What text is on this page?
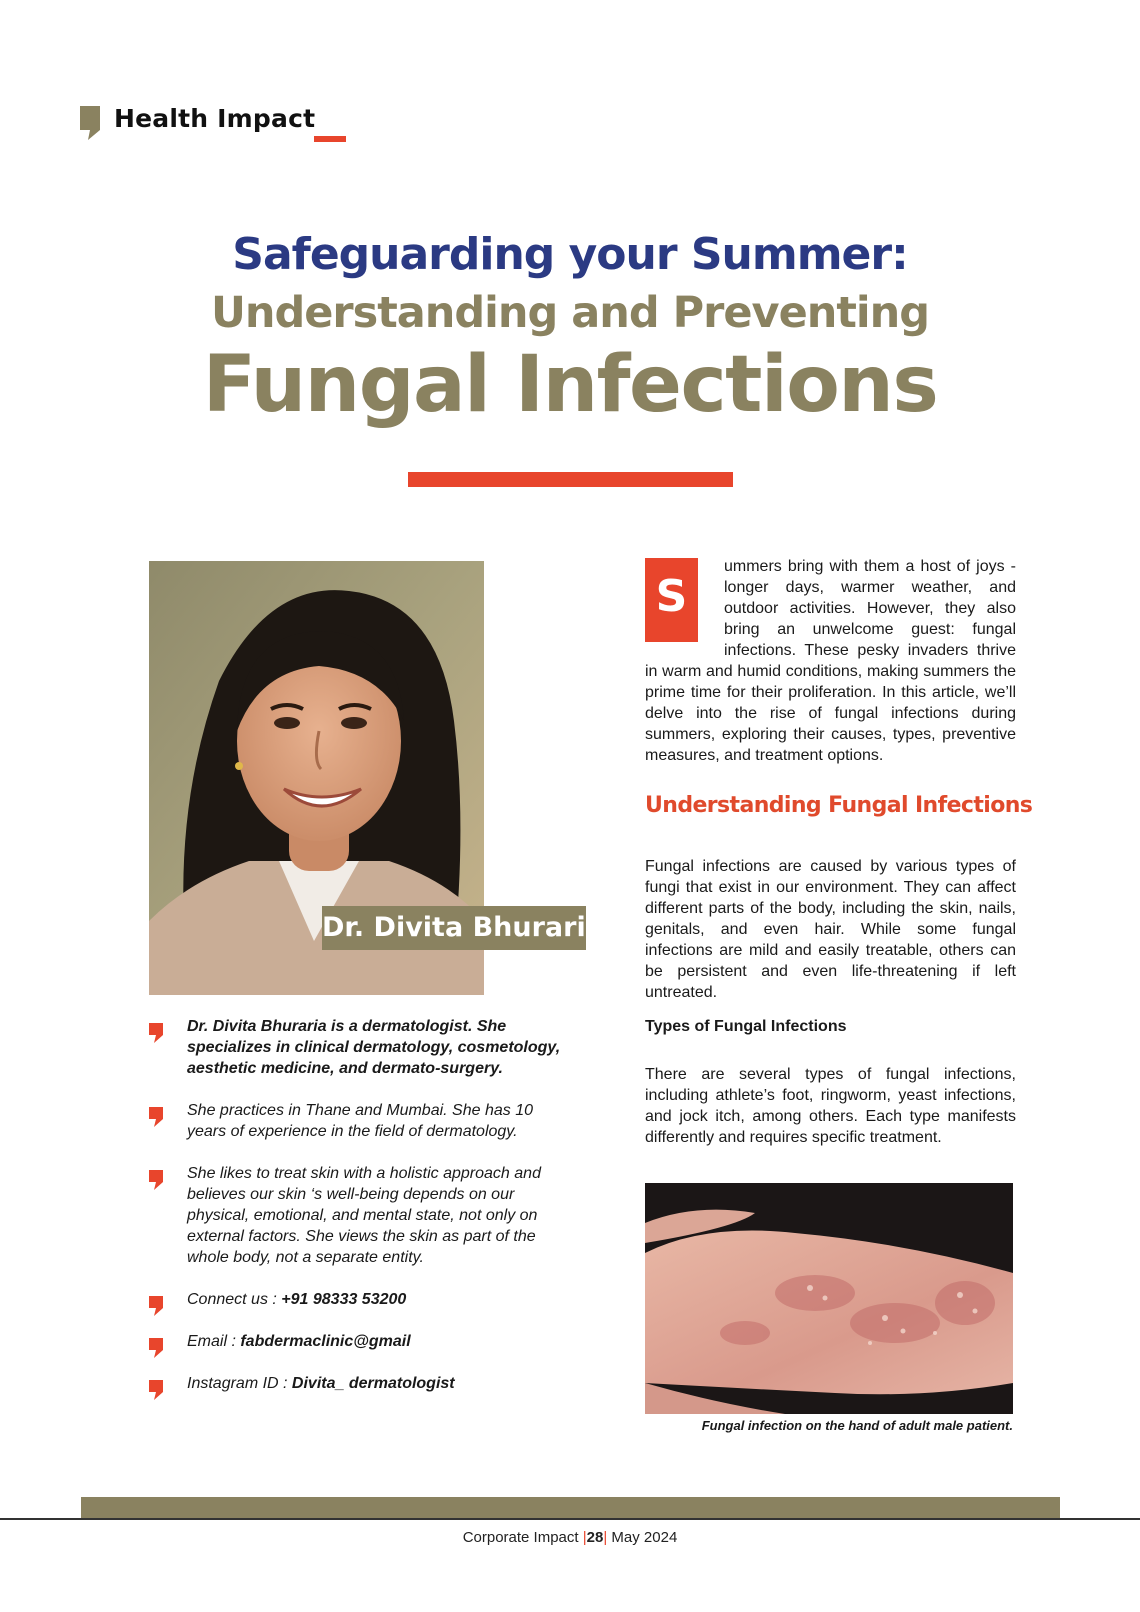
Health Impact
Safeguarding your Summer:
Understanding and Preventing
Fungal Infections
Dr. Divita Bhuraria
Dr. Divita Bhuraria is a dermatologist. She specializes in clinical dermatology, cosmetology, aesthetic medicine, and dermato-surgery.
She practices in Thane and Mumbai. She has 10 years of experience in the field of dermatology.
She likes to treat skin with a holistic approach and believes our skin ‘s well-being depends on our physical, emotional, and mental state, not only on external factors. She views the skin as part of the whole body, not a separate entity.
Connect us : +91 98333 53200
Email : fabdermaclinic@gmail
Instagram ID : Divita_ dermatologist
S
ummers bring with them a host of joys - longer days, warmer weather, and outdoor activities. However, they also bring an unwelcome guest: fungal infections. These pesky invaders thrive in warm and humid conditions, making summers the prime time for their proliferation. In this article, we’ll delve into the rise of fungal infections during summers, exploring their causes, types, preventive measures, and treatment options.
Understanding Fungal Infections

Fungal infections are caused by various types of fungi that exist in our environment. They can affect different parts of the body, including the skin, nails, genitals, and even hair. While some fungal infections are mild and easily treatable, others can be persistent and even life-threatening if left untreated.

Types of Fungal Infections

There are several types of fungal infections, including athlete’s foot, ringworm, yeast infections, and jock itch, among others. Each type manifests differently and requires specific treatment.

Fungal infection on the hand of adult male patient.
Corporate Impact |28| May 2024
